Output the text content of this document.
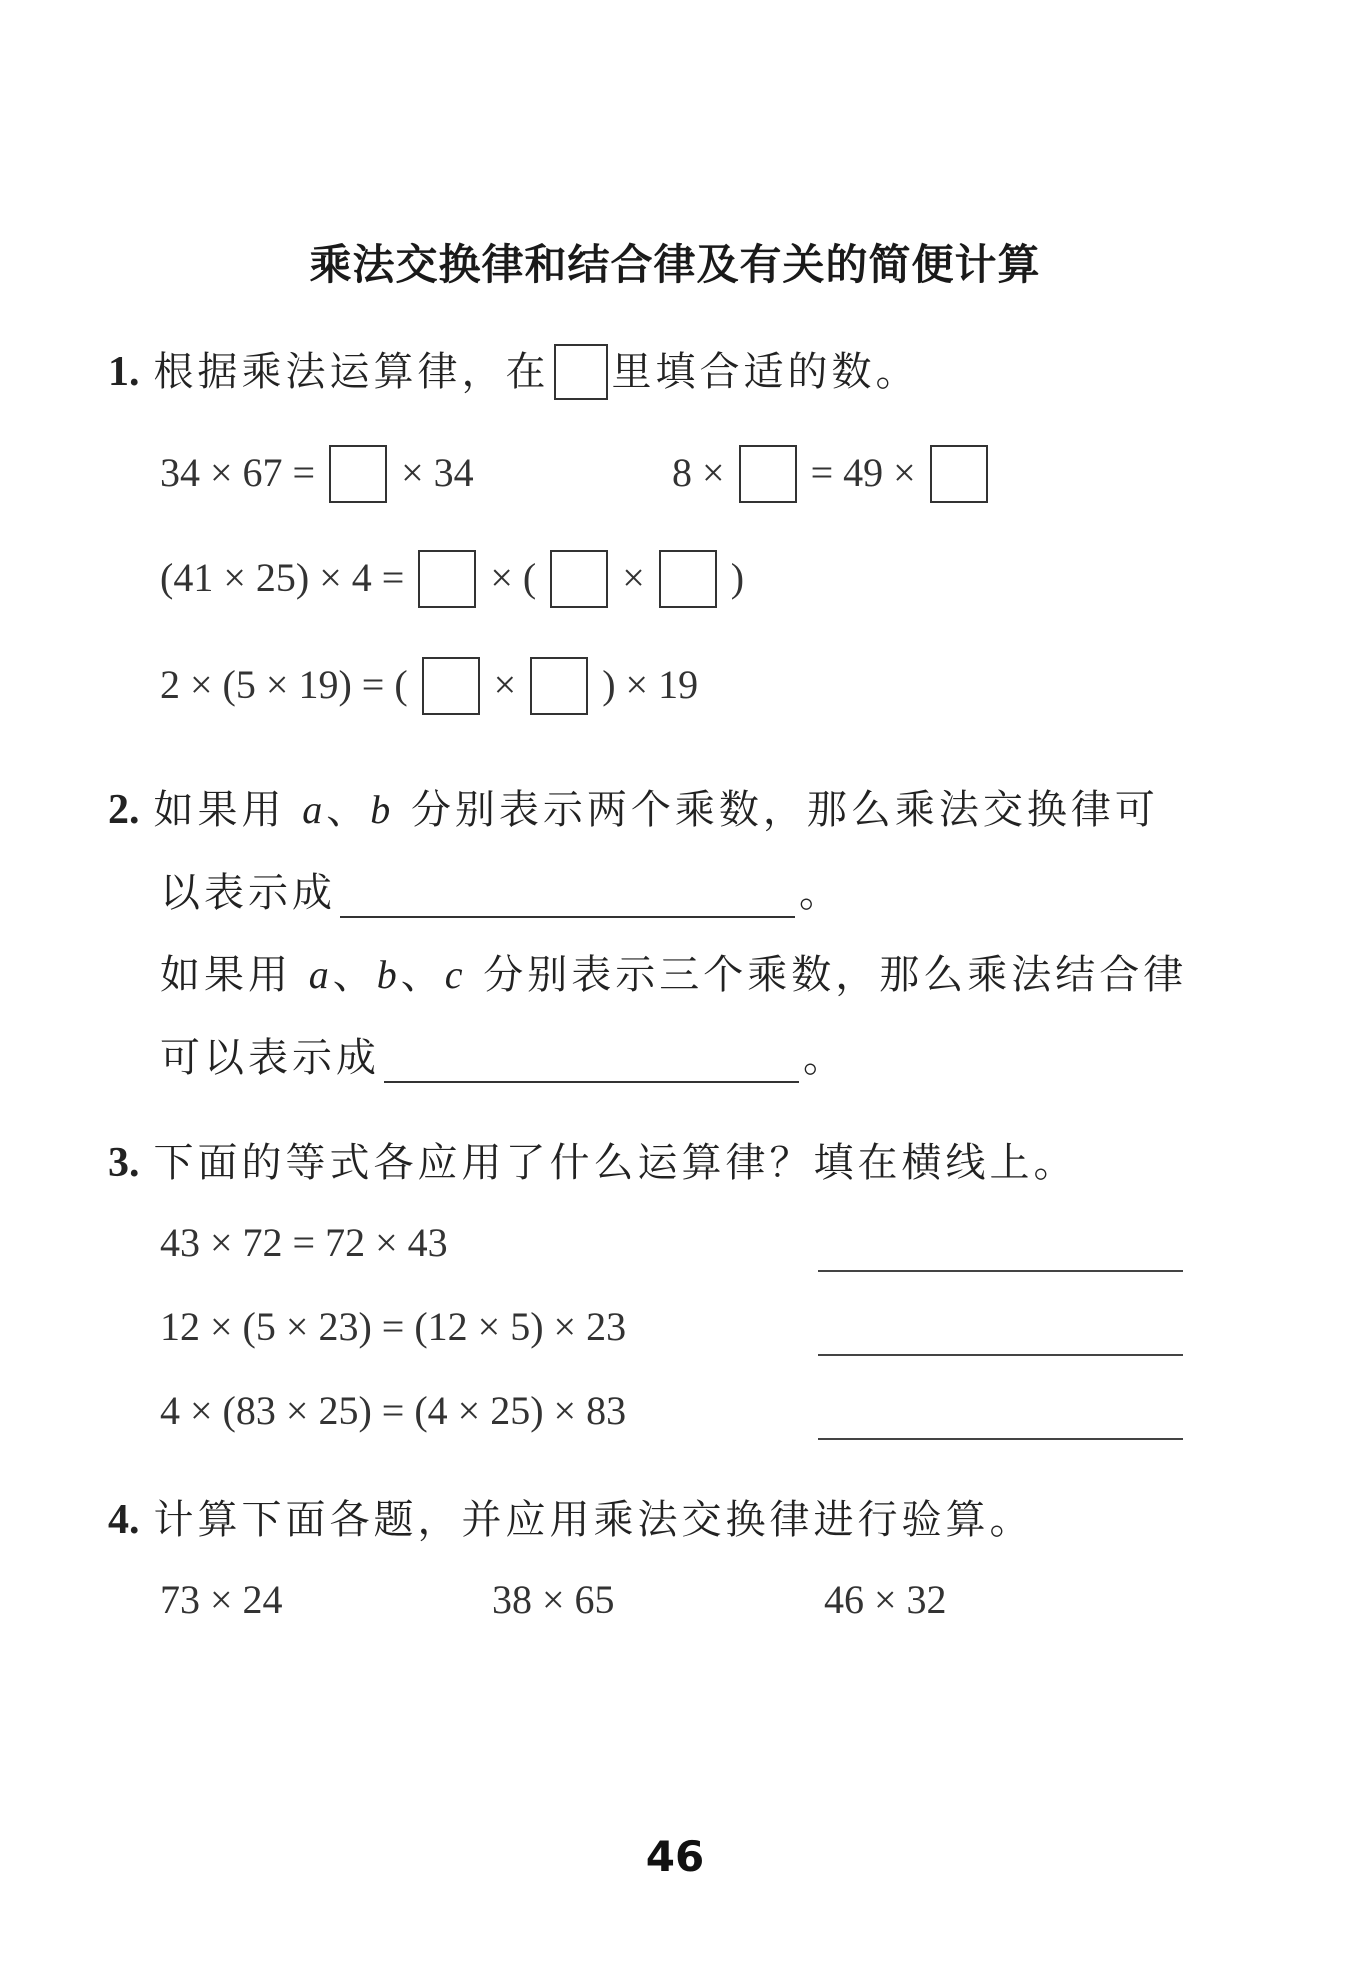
乘法交换律和结合律及有关的简便计算
1. 根据乘法运算律，在 里填合适的数。
34 × 67 = × 34	8 × = 49 ×
(41 × 25) × 4 = × ( × )
2 × (5 × 19) = ( × ) × 19
2. 如果用 a、b 分别表示两个乘数，那么乘法交换律可
以表示成	。
如果用 a、b、c 分别表示三个乘数，那么乘法结合律
可以表示成	。
3. 下面的等式各应用了什么运算律？填在横线上。
43 × 72 = 72 × 43
12 × (5 × 23) = (12 × 5) × 23
4 × (83 × 25) = (4 × 25) × 83
4. 计算下面各题，并应用乘法交换律进行验算。
73 × 24	38 × 65	46 × 32
46
